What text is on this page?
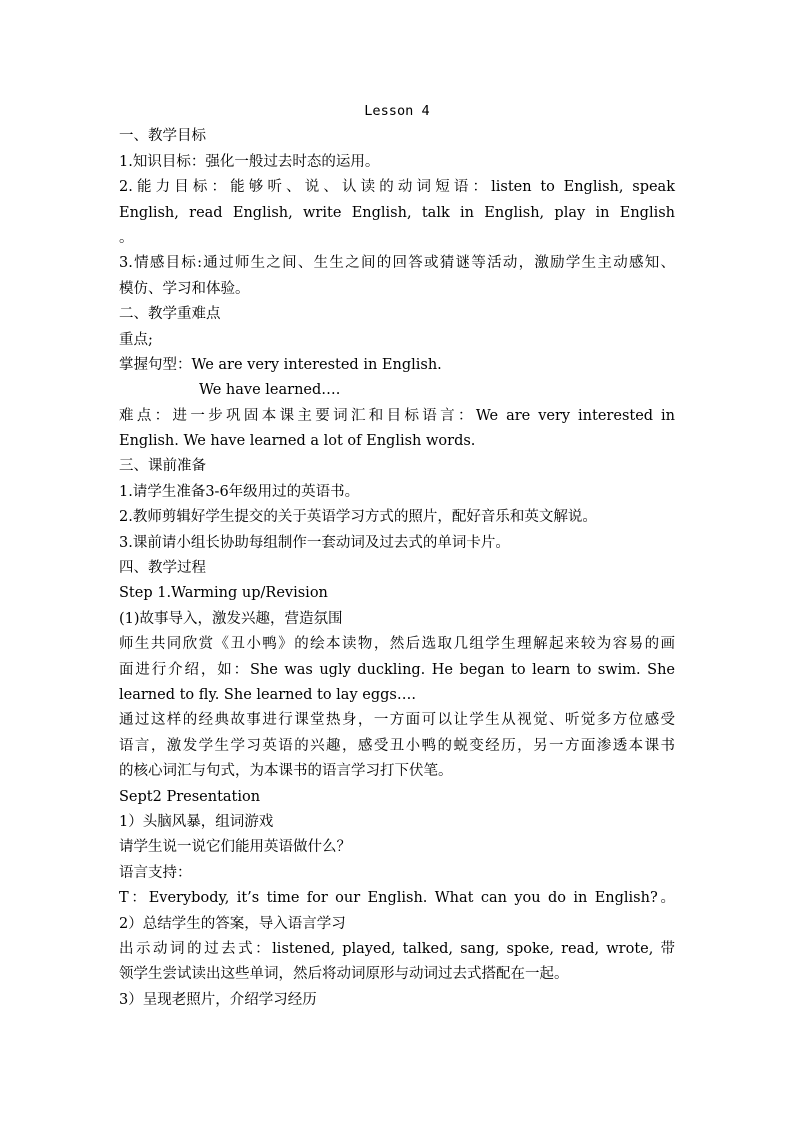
Lesson 4
一、教学目标
1.知识目标：强化一般过去时态的运用。
2.能力目标：能够听、说、认读的动词短语：listen to English, speak
English, read English, write English, talk in English, play in English
。
3.情感目标:通过师生之间、生生之间的回答或猜谜等活动，激励学生主动感知、
模仿、学习和体验。
二、教学重难点
重点;
掌握句型：We are very interested in English.
We have learned….
难点：进一步巩固本课主要词汇和目标语言：We are very interested in
English. We have learned a lot of English words.
三、课前准备
1.请学生准备3-6年级用过的英语书。
2.教师剪辑好学生提交的关于英语学习方式的照片，配好音乐和英文解说。
3.课前请小组长协助每组制作一套动词及过去式的单词卡片。
四、教学过程
Step 1.Warming up/Revision
(1)故事导入，激发兴趣，营造氛围
师生共同欣赏《丑小鸭》的绘本读物，然后选取几组学生理解起来较为容易的画
面进行介绍，如：She was ugly duckling. He began to learn to swim. She
learned to fly. She learned to lay eggs….
通过这样的经典故事进行课堂热身，一方面可以让学生从视觉、听觉多方位感受
语言，激发学生学习英语的兴趣，感受丑小鸭的蜕变经历，另一方面渗透本课书
的核心词汇与句式，为本课书的语言学习打下伏笔。
Sept2 Presentation
1）头脑风暴，组词游戏
请学生说一说它们能用英语做什么？
语言支持：
T：Everybody, it’s time for our English. What can you do in English?。
2）总结学生的答案，导入语言学习
出示动词的过去式：listened, played, talked, sang, spoke, read, wrote, 带
领学生尝试读出这些单词，然后将动词原形与动词过去式搭配在一起。
3）呈现老照片，介绍学习经历
